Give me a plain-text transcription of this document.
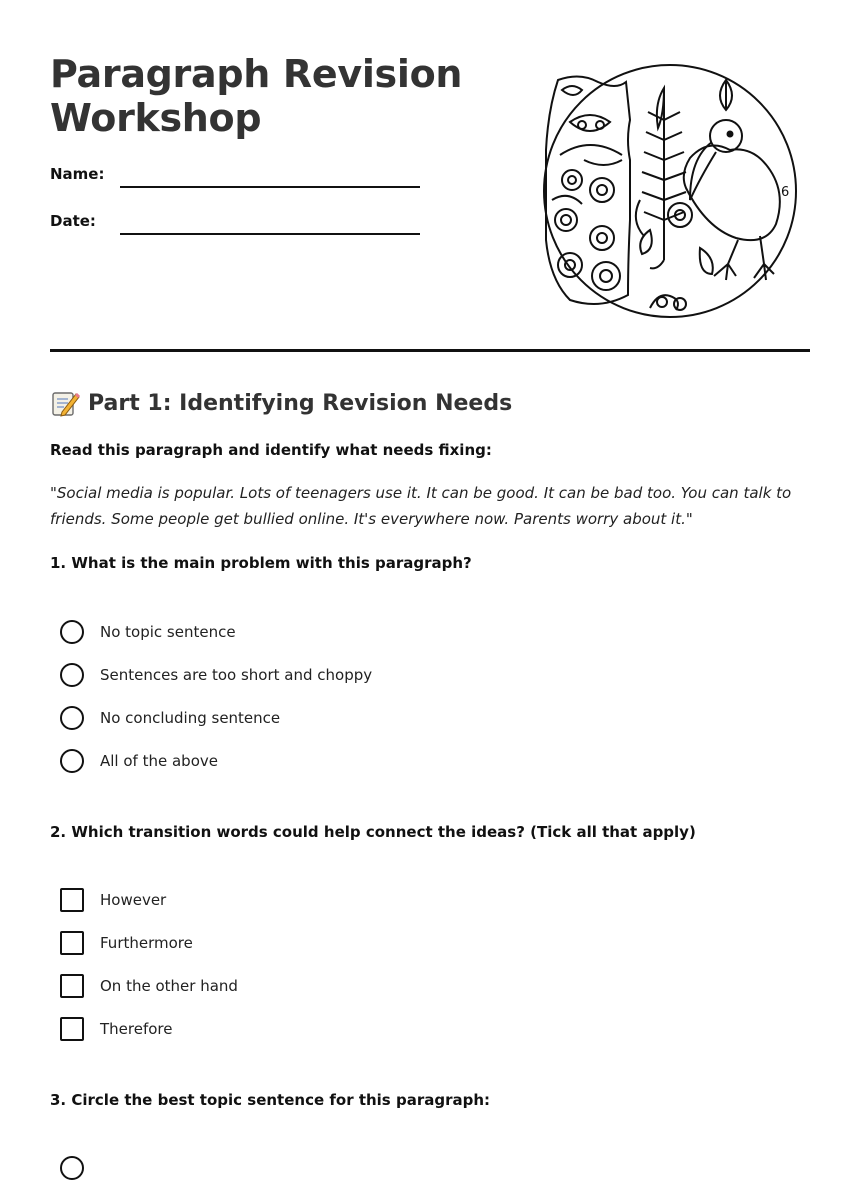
Paragraph Revision
Workshop
Name:
Date:
6
Part 1: Identifying Revision Needs
Read this paragraph and identify what needs fixing:

"Social media is popular. Lots of teenagers use it. It can be good. It can be bad too. You can talk to friends. Some people get bullied online. It's everywhere now. Parents worry about it."

1. What is the main problem with this paragraph?
No topic sentence
Sentences are too short and choppy
No concluding sentence
All of the above
2. Which transition words could help connect the ideas? (Tick all that apply)
However
Furthermore
On the other hand
Therefore
3. Circle the best topic sentence for this paragraph:
